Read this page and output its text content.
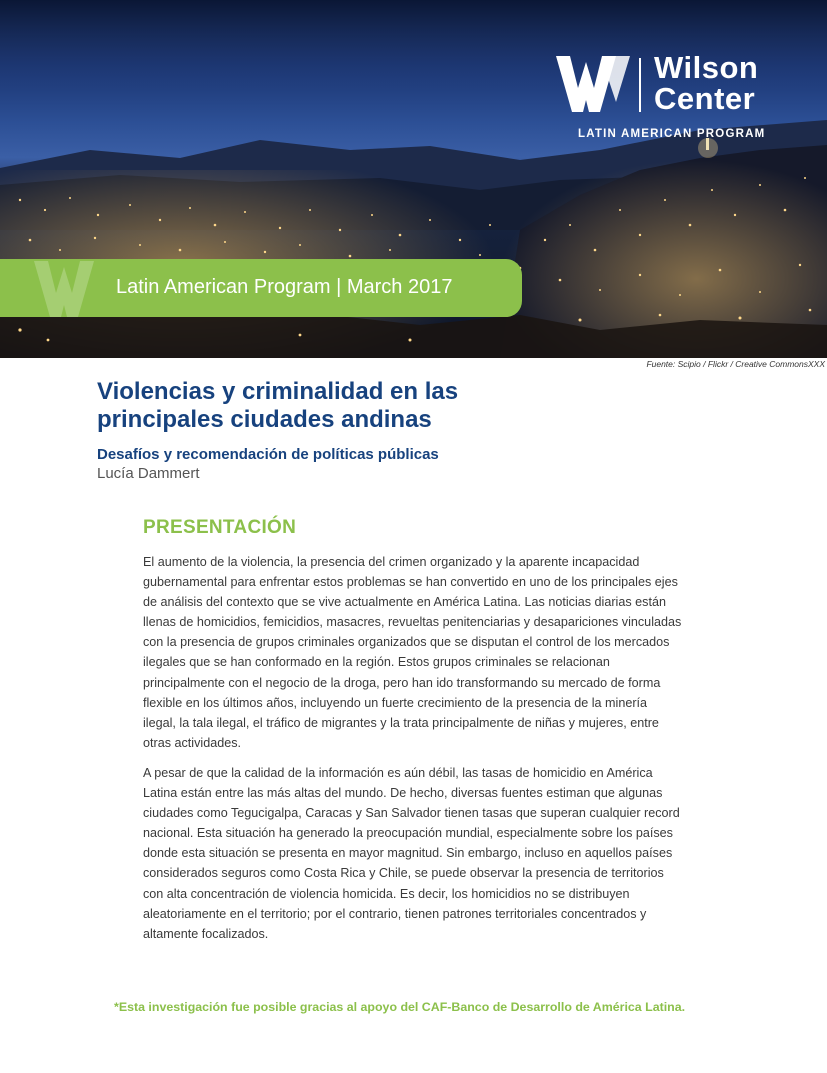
Wilson
Center
LATIN AMERICAN PROGRAM
Latin American Program | March 2017
Fuente: Scipio / Flickr / Creative CommonsXXX
Violencias y criminalidad en las principales ciudades andinas
Desafíos y recomendación de políticas públicas
Lucía Dammert
PRESENTACIÓN

El aumento de la violencia, la presencia del crimen organizado y la aparente incapacidad gubernamental para enfrentar estos problemas se han convertido en uno de los principales ejes de análisis del contexto que se vive actualmente en América Latina. Las noticias diarias están llenas de homicidios, femicidios, masacres, revueltas penitenciarias y desapariciones vinculadas con la presencia de grupos criminales organizados que se disputan el control de los mercados ilegales que se han conformado en la región. Estos grupos criminales se relacionan principalmente con el negocio de la droga, pero han ido transformando su mercado de forma flexible en los últimos años, incluyendo un fuerte crecimiento de la presencia de la minería ilegal, la tala ilegal, el tráfico de migrantes y la trata principalmente de niñas y mujeres, entre otras actividades.

A pesar de que la calidad de la información es aún débil, las tasas de homicidio en América Latina están entre las más altas del mundo. De hecho, diversas fuentes estiman que algunas ciudades como Tegucigalpa, Caracas y San Salvador tienen tasas que superan cualquier record nacional. Esta situación ha generado la preocupación mundial, especialmente sobre los países donde esta situación se presenta en mayor magnitud. Sin embargo, incluso en aquellos países considerados seguros como Costa Rica y Chile, se puede observar la presencia de territorios con alta concentración de violencia homicida. Es decir, los homicidios no se distribuyen aleatoriamente en el territorio; por el contrario, tienen patrones territoriales concentrados y altamente focalizados.

*Esta investigación fue posible gracias al apoyo del CAF-Banco de Desarrollo de América Latina.
